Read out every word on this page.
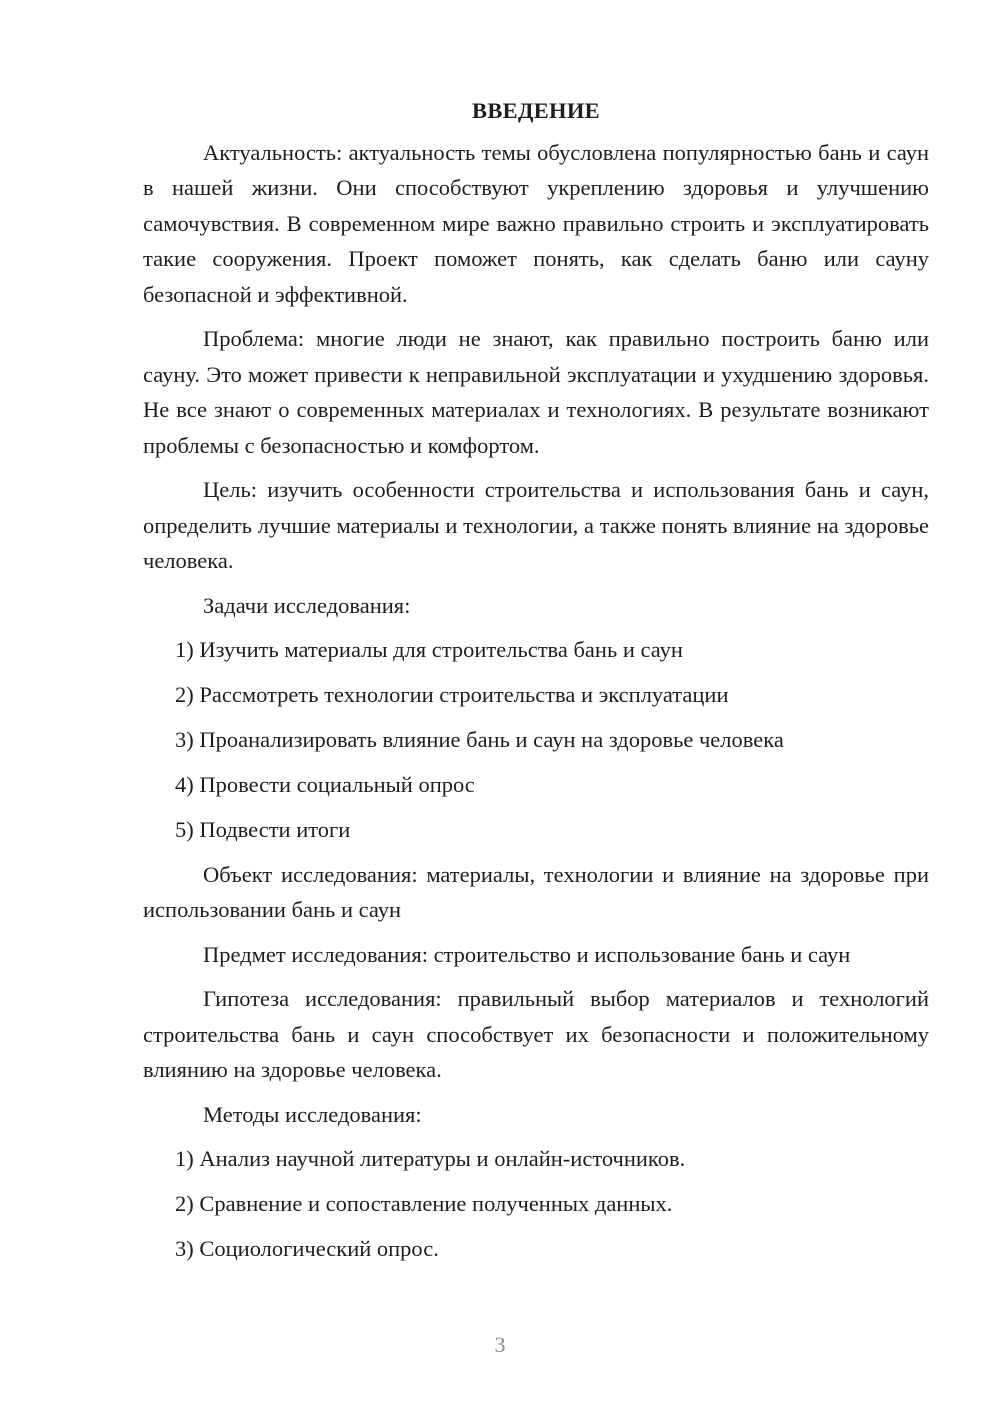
ВВЕДЕНИЕ

Актуальность: актуальность темы обусловлена популярностью бань и саун в нашей жизни. Они способствуют укреплению здоровья и улучшению самочувствия. В современном мире важно правильно строить и эксплуатировать такие сооружения. Проект поможет понять, как сделать баню или сауну безопасной и эффективной.

Проблема: многие люди не знают, как правильно построить баню или сауну. Это может привести к неправильной эксплуатации и ухудшению здоровья. Не все знают о современных материалах и технологиях. В результате возникают проблемы с безопасностью и комфортом.

Цель: изучить особенности строительства и использования бань и саун, определить лучшие материалы и технологии, а также понять влияние на здоровье человека.

Задачи исследования:

1) Изучить материалы для строительства бань и саун
2) Рассмотреть технологии строительства и эксплуатации
3) Проанализировать влияние бань и саун на здоровье человека
4) Провести социальный опрос
5) Подвести итоги

Объект исследования: материалы, технологии и влияние на здоровье при использовании бань и саун

Предмет исследования: строительство и использование бань и саун

Гипотеза исследования: правильный выбор материалов и технологий строительства бань и саун способствует их безопасности и положительному влиянию на здоровье человека.

Методы исследования:

1) Анализ научной литературы и онлайн-источников.
2) Сравнение и сопоставление полученных данных.
3) Социологический опрос.
3
